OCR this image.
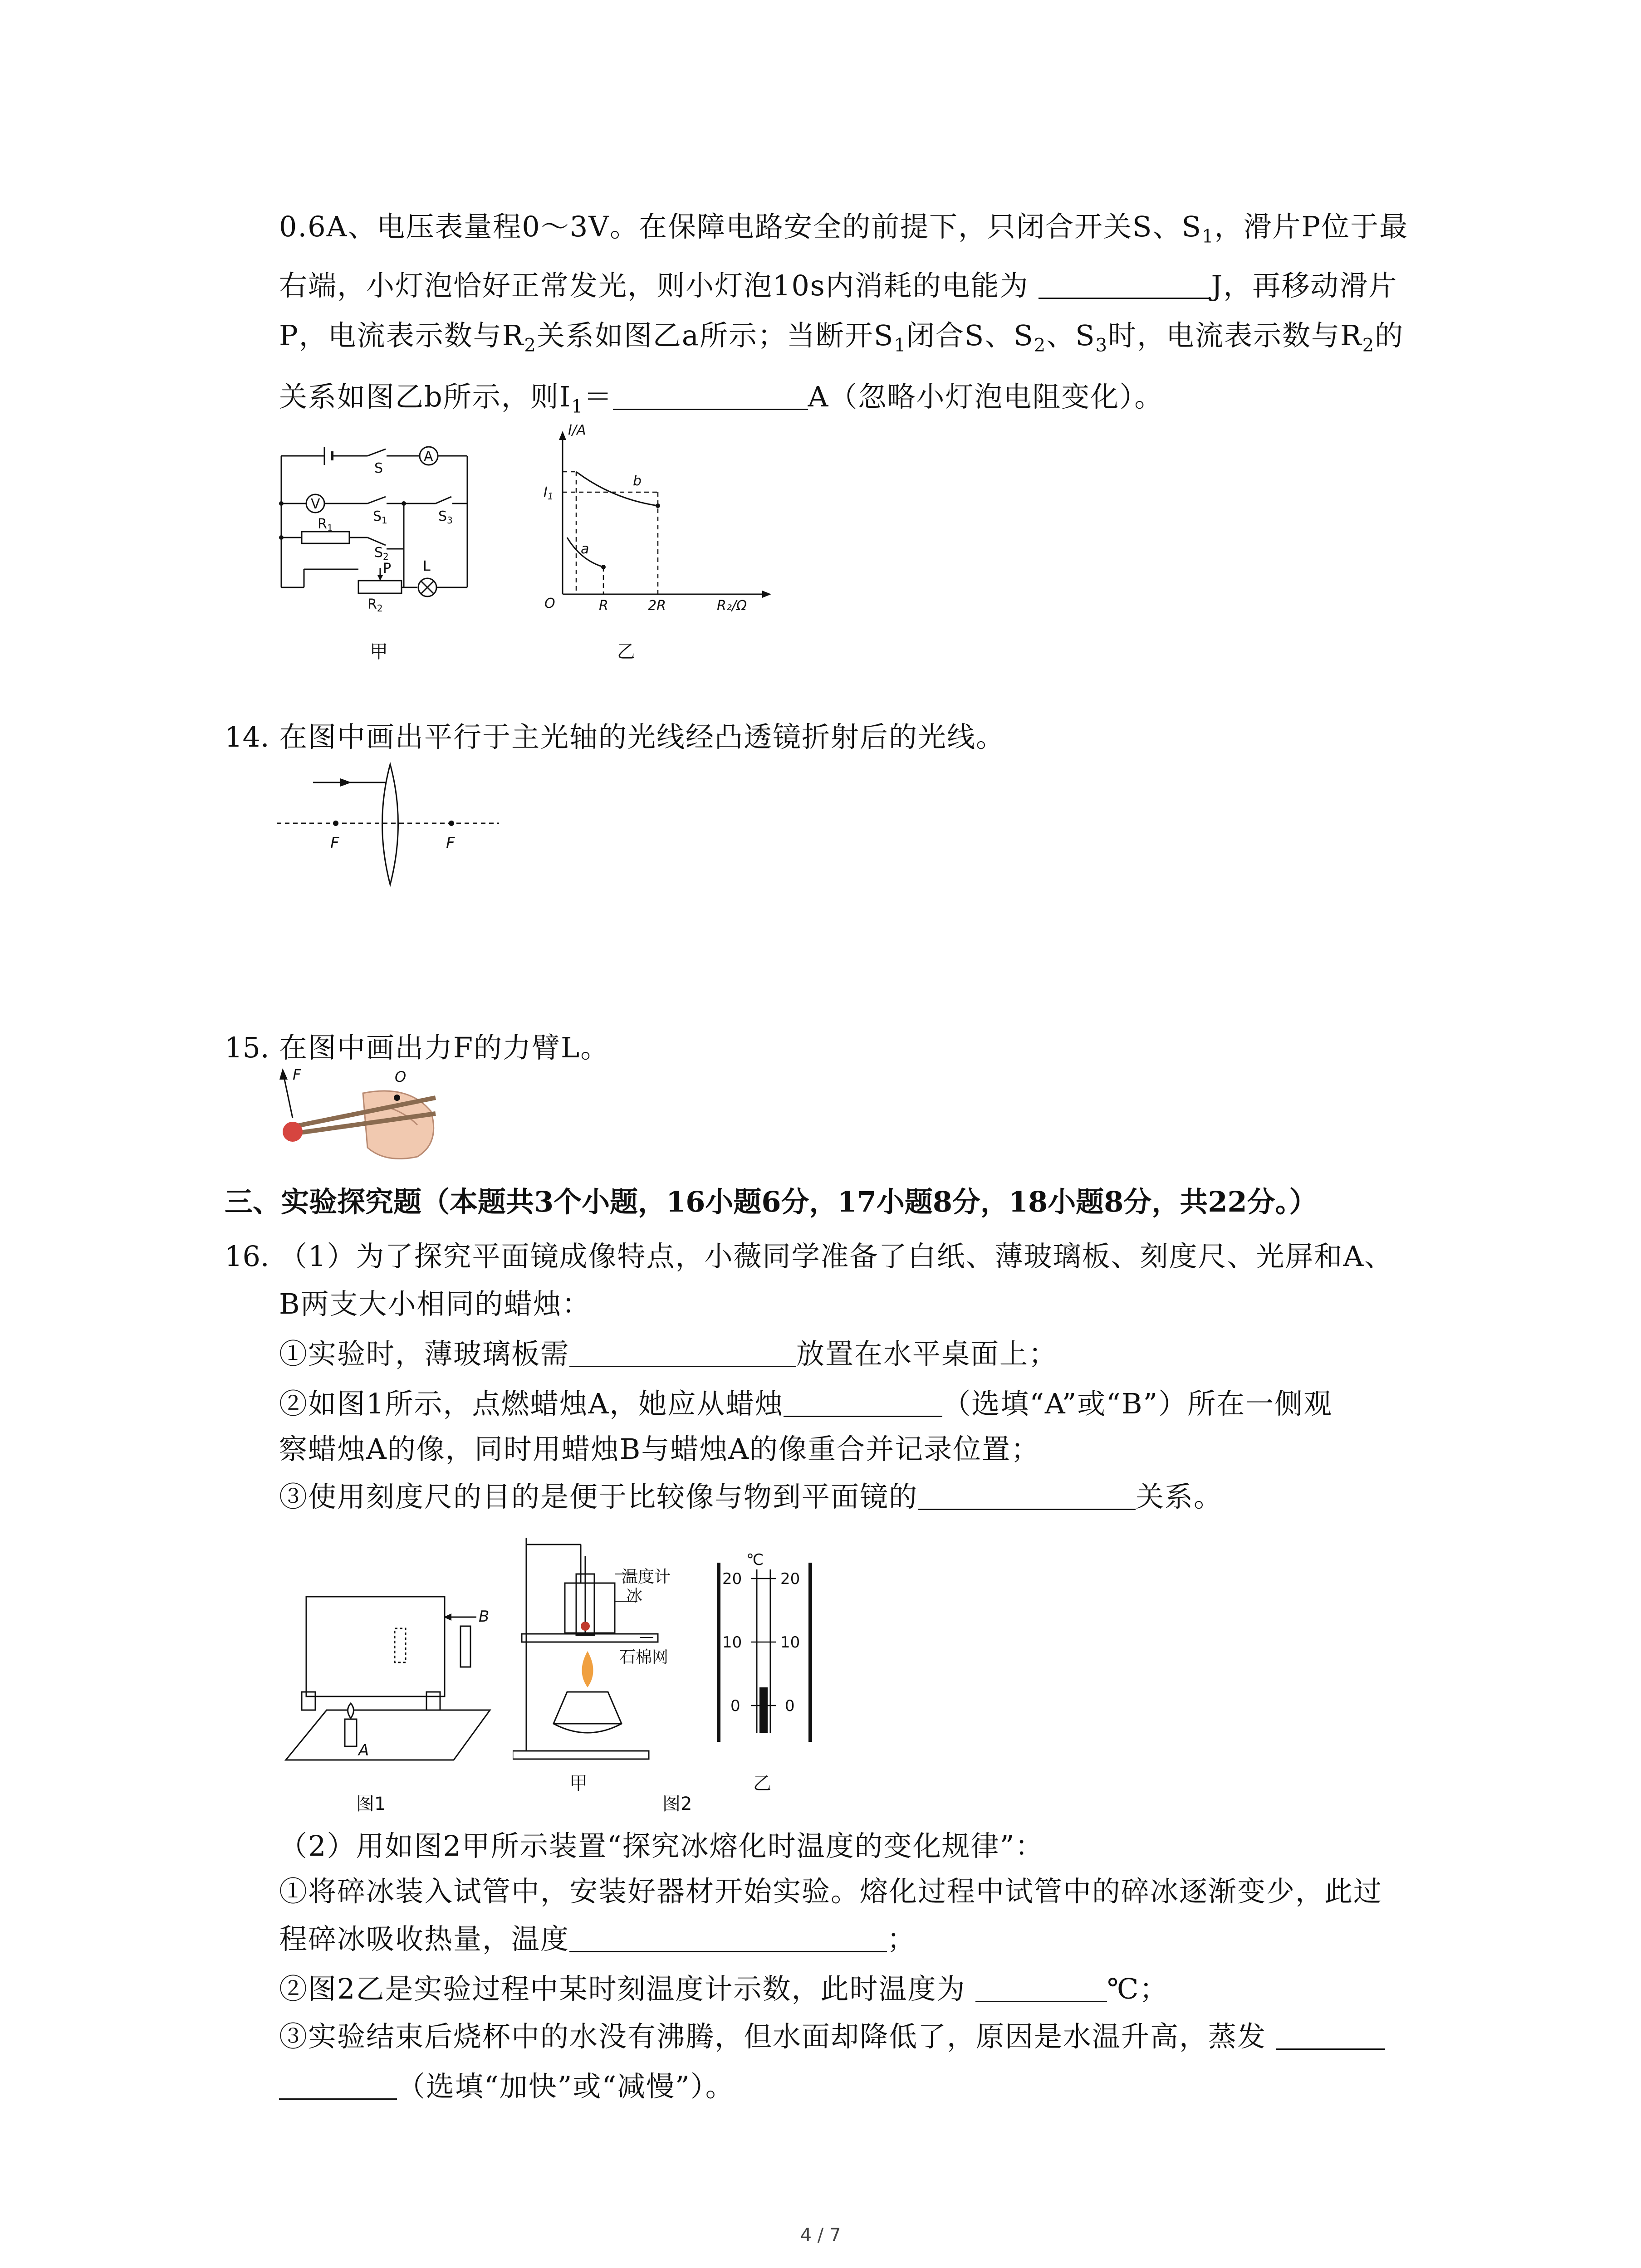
0.6A、电压表量程0～3V。在保障电路安全的前提下，只闭合开关S、$S_1$，滑片P位于最
右端，小灯泡恰好正常发光，则小灯泡10s内消耗的电能为	J，再移动滑片
P，电流表示数与$R_2$关系如图乙a所示；当断开$S_1$闭合S、$S_2$、$S_3$时，电流表示数与$R_2$的
关系如图乙b所示，则$I_1=$	A（忽略小灯泡电阻变化）。
S
A
V
$S_1$	$S_3$
$R_1$
$S_2$
L
P
$R_2$
甲
I/A
$I_1$
b
a
O	R	2R	R₂/Ω
乙
14. 在图中画出平行于主光轴的光线经凸透镜折射后的光线。
F	F
15. 在图中画出力F的力臂L。
F	O
三、实验探究题（本题共3个小题，16小题6分，17小题8分，18小题8分，共22分。）
16. （1）为了探究平面镜成像特点，小薇同学准备了白纸、薄玻璃板、刻度尺、光屏和A、
B两支大小相同的蜡烛：
①实验时，薄玻璃板需	放置在水平桌面上；
②如图1所示，点燃蜡烛A，她应从蜡烛	（选填“A”或“B”）所在一侧观
察蜡烛A的像，同时用蜡烛B与蜡烛A的像重合并记录位置；
③使用刻度尺的目的是便于比较像与物到平面镜的	关系。
B
A
图1
温度计
冰
石棉网
甲
图2
℃
20 20
10 10
0	0
乙
（2）用如图2甲所示装置“探究冰熔化时温度的变化规律”：
①将碎冰装入试管中，安装好器材开始实验。熔化过程中试管中的碎冰逐渐变少，此过
程碎冰吸收热量，温度	；
②图2乙是实验过程中某时刻温度计示数，此时温度为	℃；
③实验结束后烧杯中的水没有沸腾，但水面却降低了，原因是水温升高，蒸发
（选填“加快”或“减慢”）。
4 / 7
